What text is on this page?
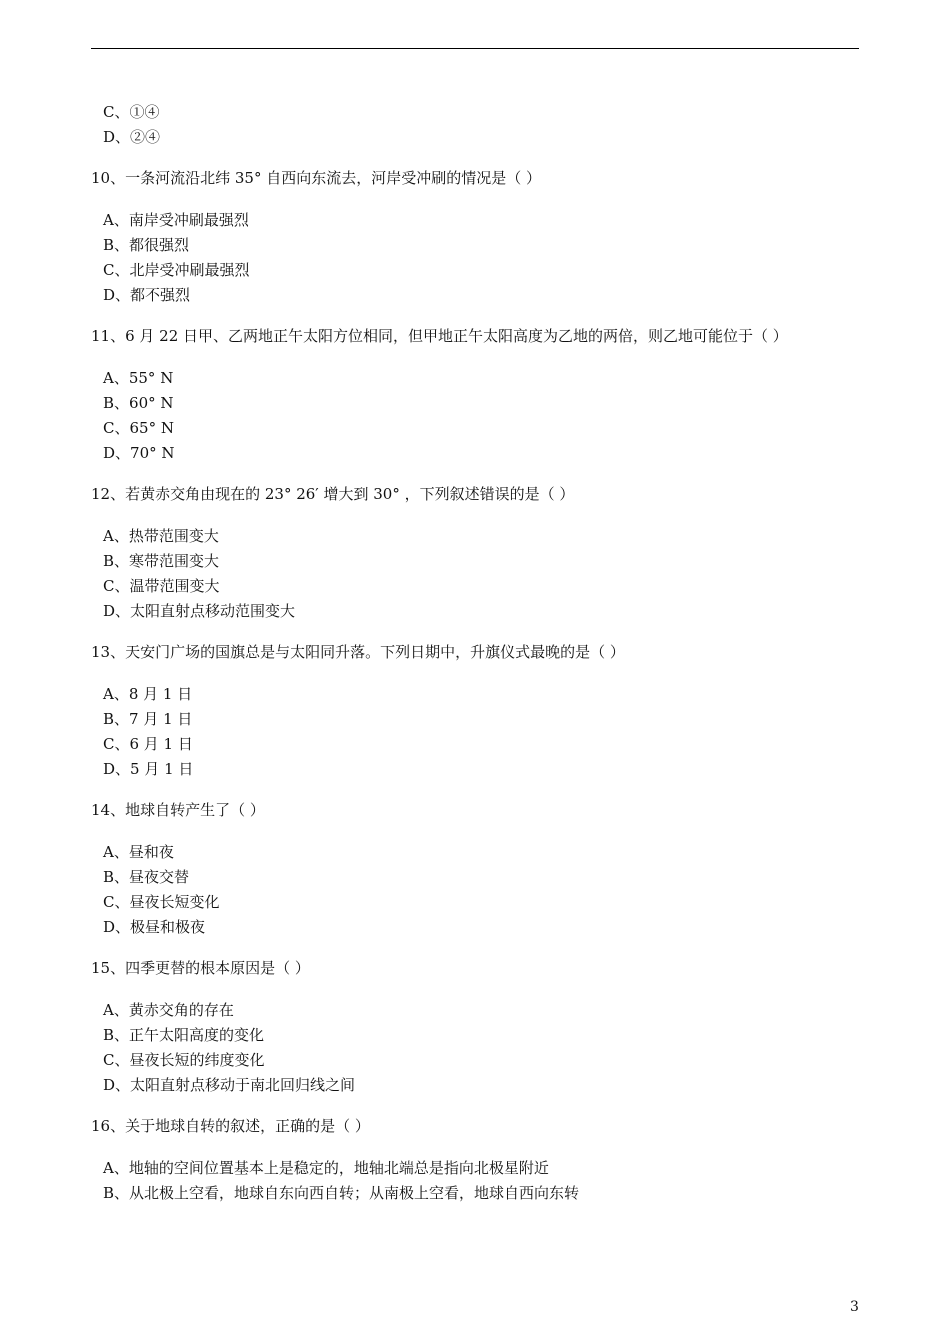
C、①④
D、②④
10、一条河流沿北纬 35° 自西向东流去，河岸受冲刷的情况是（ ）
A、南岸受冲刷最强烈
B、都很强烈
C、北岸受冲刷最强烈
D、都不强烈
11、6 月 22 日甲、乙两地正午太阳方位相同，但甲地正午太阳高度为乙地的两倍，则乙地可能位于（ ）
A、55° N
B、60° N
C、65° N
D、70° N
12、若黄赤交角由现在的 23° 26′ 增大到 30° ，下列叙述错误的是（ ）
A、热带范围变大
B、寒带范围变大
C、温带范围变大
D、太阳直射点移动范围变大
13、天安门广场的国旗总是与太阳同升落。下列日期中，升旗仪式最晚的是（ ）
A、8 月 1 日
B、7 月 1 日
C、6 月 1 日
D、5 月 1 日
14、地球自转产生了（ ）
A、昼和夜
B、昼夜交替
C、昼夜长短变化
D、极昼和极夜
15、四季更替的根本原因是（ ）
A、黄赤交角的存在
B、正午太阳高度的变化
C、昼夜长短的纬度变化
D、太阳直射点移动于南北回归线之间
16、关于地球自转的叙述，正确的是（ ）
A、地轴的空间位置基本上是稳定的，地轴北端总是指向北极星附近
B、从北极上空看，地球自东向西自转；从南极上空看，地球自西向东转
3
